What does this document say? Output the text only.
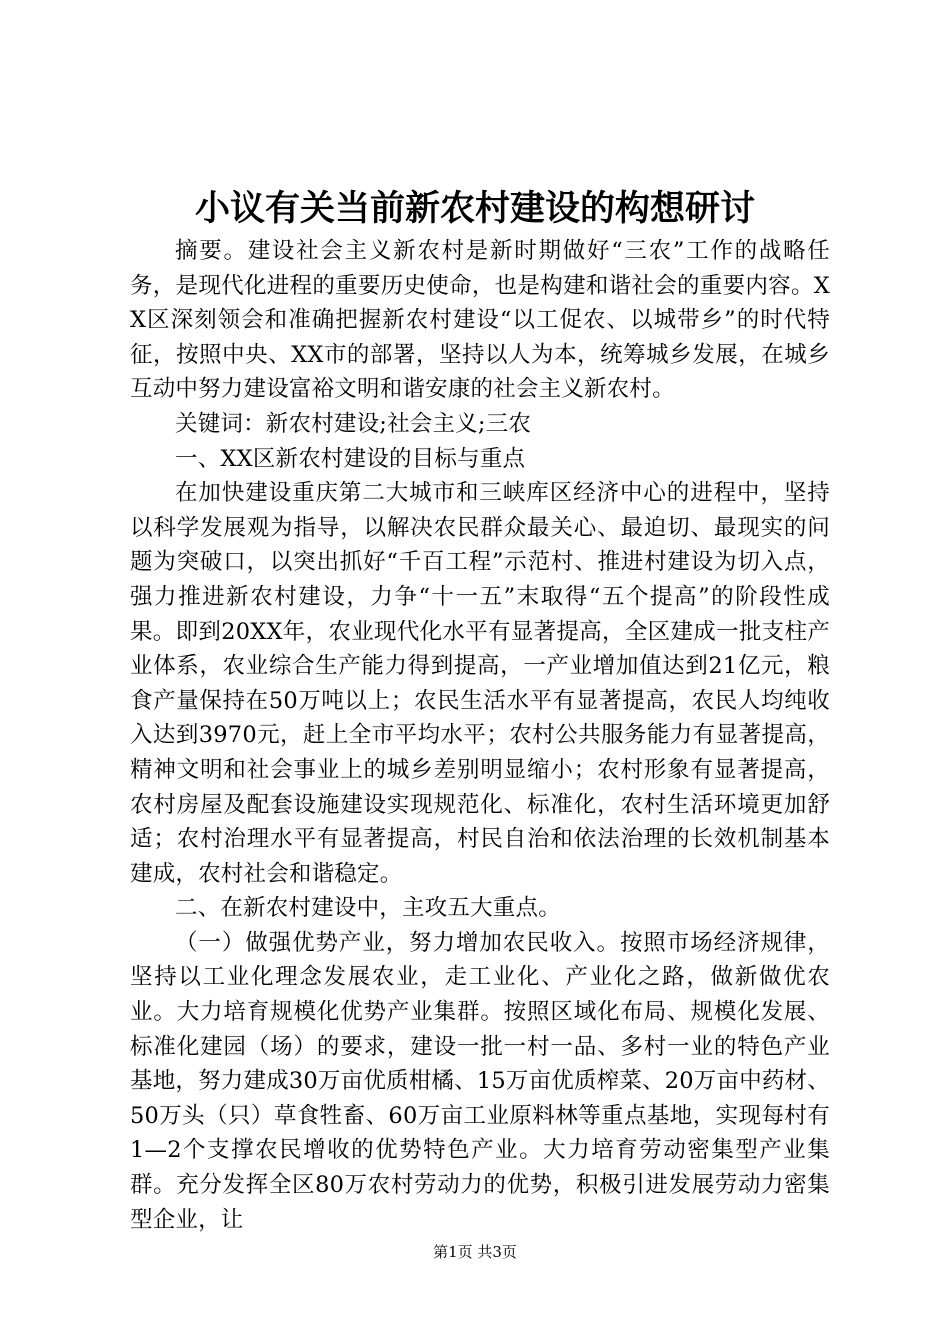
小议有关当前新农村建设的构想研讨

摘要。建设社会主义新农村是新时期做好“三农”工作的战略任务，是现代化进程的重要历史使命，也是构建和谐社会的重要内容。XX区深刻领会和准确把握新农村建设“以工促农、以城带乡”的时代特征，按照中央、XX市的部署，坚持以人为本，统筹城乡发展，在城乡互动中努力建设富裕文明和谐安康的社会主义新农村。

关键词：新农村建设;社会主义;三农

一、XX区新农村建设的目标与重点

在加快建设重庆第二大城市和三峡库区经济中心的进程中，坚持以科学发展观为指导，以解决农民群众最关心、最迫切、最现实的问题为突破口，以突出抓好“千百工程”示范村、推进村建设为切入点，强力推进新农村建设，力争“十一五”末取得“五个提高”的阶段性成果。即到20XX年，农业现代化水平有显著提高，全区建成一批支柱产业体系，农业综合生产能力得到提高，一产业增加值达到21亿元，粮食产量保持在50万吨以上；农民生活水平有显著提高，农民人均纯收入达到3970元，赶上全市平均水平；农村公共服务能力有显著提高，精神文明和社会事业上的城乡差别明显缩小；农村形象有显著提高，农村房屋及配套设施建设实现规范化、标准化，农村生活环境更加舒适；农村治理水平有显著提高，村民自治和依法治理的长效机制基本建成，农村社会和谐稳定。

二、在新农村建设中，主攻五大重点。

（一）做强优势产业，努力增加农民收入。按照市场经济规律，坚持以工业化理念发展农业，走工业化、产业化之路，做新做优农业。大力培育规模化优势产业集群。按照区域化布局、规模化发展、标准化建园（场）的要求，建设一批一村一品、多村一业的特色产业基地，努力建成30万亩优质柑橘、15万亩优质榨菜、20万亩中药材、50万头（只）草食牲畜、60万亩工业原料林等重点基地，实现每村有1—2个支撑农民增收的优势特色产业。大力培育劳动密集型产业集群。充分发挥全区80万农村劳动力的优势，积极引进发展劳动力密集型企业，让

第1页 共3页
